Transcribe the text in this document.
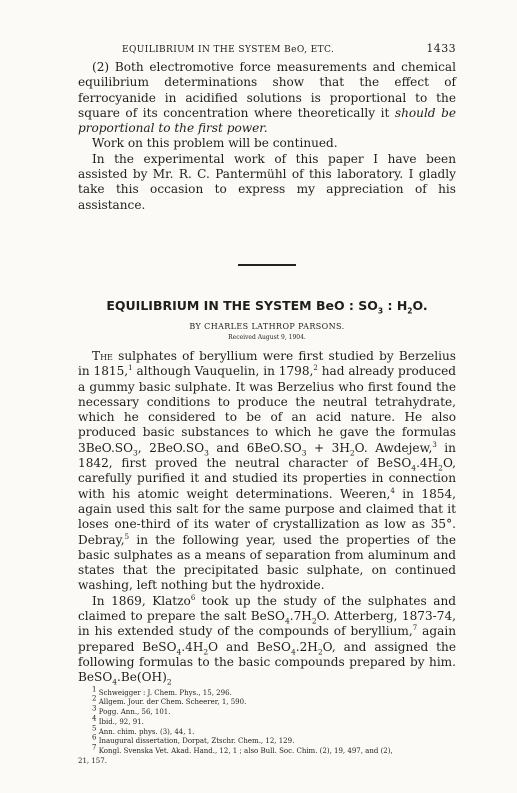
EQUILIBRIUM IN THE SYSTEM BeO, ETC.	1433

(2) Both electromotive force measurements and chemical equilibrium determinations show that the effect of ferrocyanide in acidified solutions is proportional to the square of its concentration where theoretically it should be proportional to the first power.

Work on this problem will be continued.

In the experimental work of this paper I have been assisted by Mr. R. C. Pantermühl of this laboratory. I gladly take this occasion to express my appreciation of his assistance.

EQUILIBRIUM IN THE SYSTEM BeO : $SO_3$ : $H_2O$.
BY CHARLES LATHROP PARSONS.
Received August 9, 1904.

The sulphates of beryllium were first studied by Berzelius in 1815,$^1$ although Vauquelin, in 1798,$^2$ had already produced a gummy basic sulphate. It was Berzelius who first found the necessary conditions to produce the neutral tetrahydrate, which he considered to be of an acid nature. He also produced basic substances to which he gave the formulas $3BeO.SO_3$, $2BeO.SO_3$ and $6BeO.SO_3 + 3H_2O$. Awdejew,$^3$ in 1842, first proved the neutral character of $BeSO_4.4H_2O$, carefully purified it and studied its properties in connection with his atomic weight determinations. Weeren,$^4$ in 1854, again used this salt for the same purpose and claimed that it loses one-third of its water of crystallization as low as 35°. Debray,$^5$ in the following year, used the properties of the basic sulphates as a means of separation from aluminum and states that the precipitated basic sulphate, on continued washing, left nothing but the hydroxide.

In 1869, Klatzo$^6$ took up the study of the sulphates and claimed to prepare the salt $BeSO_4.7H_2O$. Atterberg, 1873-74, in his extended study of the compounds of beryllium,$^7$ again prepared $BeSO_4.4H_2O$ and $BeSO_4.2H_2O$, and assigned the following formulas to the basic compounds prepared by him. $BeSO_4.Be(OH)_2$

$^1$ Schweigger : J. Chem. Phys., 15, 296.
$^2$ Allgem. Jour. der Chem. Scheerer, 1, 590.
$^3$ Pogg. Ann., 56, 101.
$^4$ Ibid., 92, 91.
$^5$ Ann. chim. phys. (3), 44, 1.
$^6$ Inaugural dissertation, Dorpat, Ztschr. Chem., 12, 129.
$^7$ Kongl. Svenska Vet. Akad. Hand., 12, 1 ; also Bull. Soc. Chim. (2), 19, 497, and (2),
21, 157.
